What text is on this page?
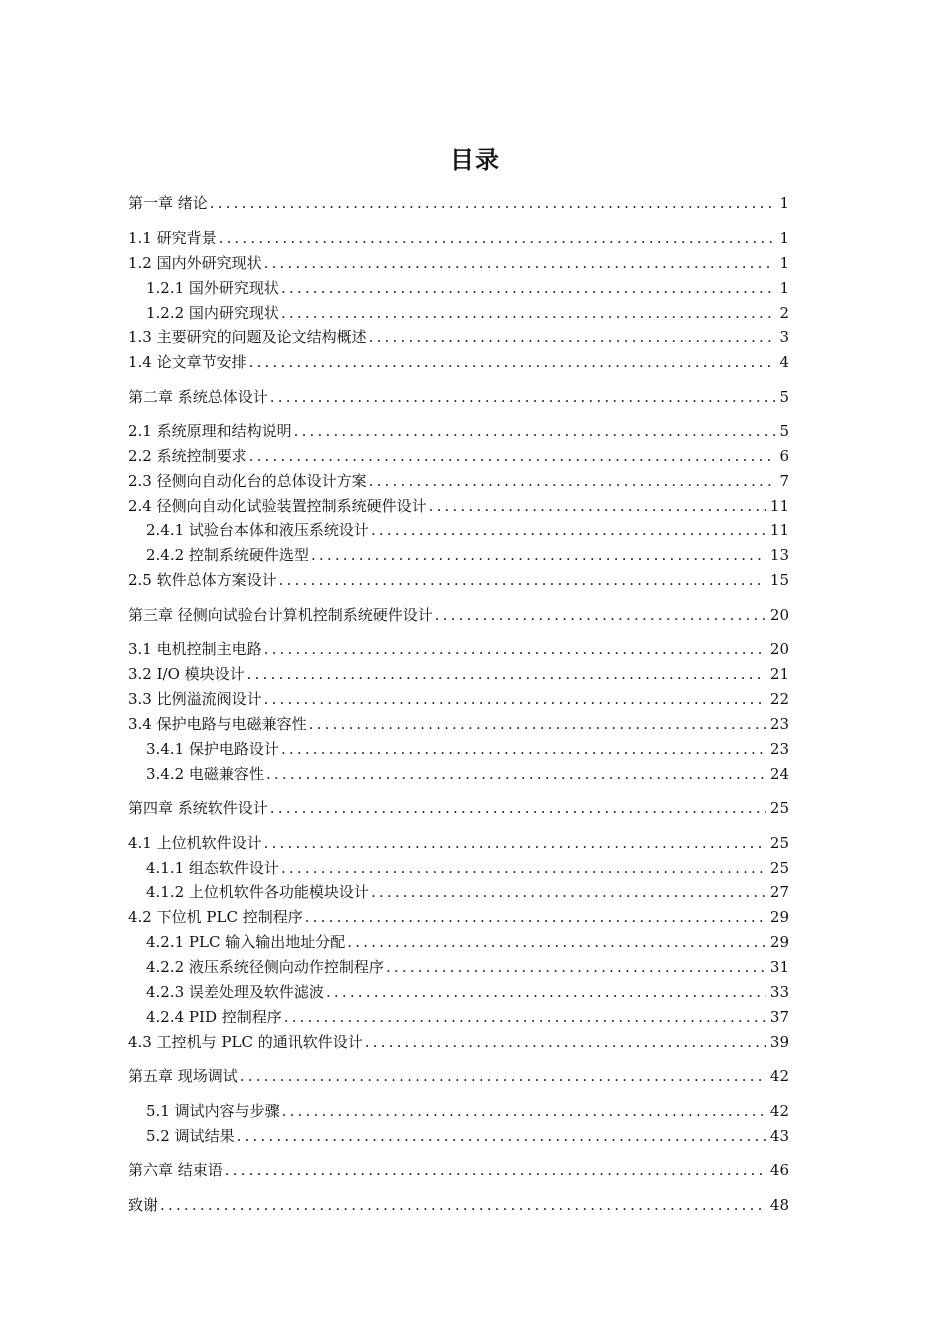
目录
第一章 绪论 .....	1
1.1 研究背景 .....	1
1.2 国内外研究现状 .....	1
1.2.1 国外研究现状 .....	1
1.2.2 国内研究现状 .....	2
1.3 主要研究的问题及论文结构概述 .....	3
1.4 论文章节安排 .....	4
第二章 系统总体设计 .....	5
2.1 系统原理和结构说明 .....	5
2.2 系统控制要求 .....	6
2.3 径侧向自动化台的总体设计方案 .....	7
2.4 径侧向自动化试验装置控制系统硬件设计 .....	11
2.4.1 试验台本体和液压系统设计 .....	11
2.4.2 控制系统硬件选型 .....	13
2.5 软件总体方案设计 .....	15
第三章 径侧向试验台计算机控制系统硬件设计 .....	20
3.1 电机控制主电路 .....	20
3.2 I/O 模块设计 .....	21
3.3 比例溢流阀设计 .....	22
3.4 保护电路与电磁兼容性 .....	23
3.4.1 保护电路设计 .....	23
3.4.2 电磁兼容性 .....	24
第四章 系统软件设计 .....	25
4.1 上位机软件设计 .....	25
4.1.1 组态软件设计 .....	25
4.1.2 上位机软件各功能模块设计 .....	27
4.2 下位机 PLC 控制程序 .....	29
4.2.1 PLC 输入输出地址分配 .....	29
4.2.2 液压系统径侧向动作控制程序 .....	31
4.2.3 误差处理及软件滤波 .....	33
4.2.4 PID 控制程序 .....	37
4.3 工控机与 PLC 的通讯软件设计 .....	39
第五章 现场调试 .....	42
5.1 调试内容与步骤 .....	42
5.2 调试结果 .....	43
第六章 结束语 .....	46
致谢 .....	48
